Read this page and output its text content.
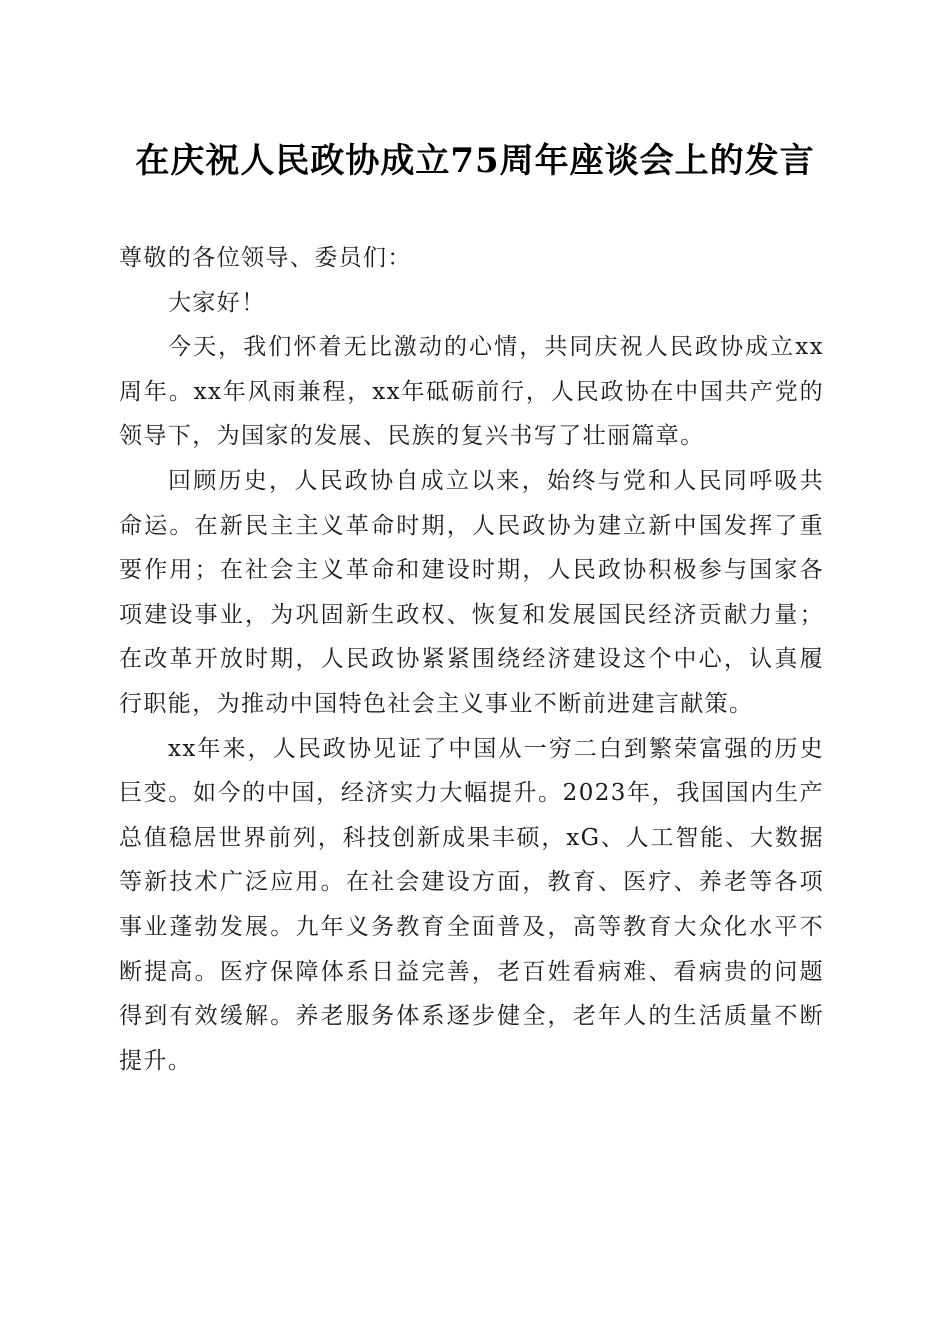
在庆祝人民政协成立75周年座谈会上的发言

尊敬的各位领导、委员们：

大家好！

今天，我们怀着无比激动的心情，共同庆祝人民政协成立xx周年。xx年风雨兼程，xx年砥砺前行，人民政协在中国共产党的领导下，为国家的发展、民族的复兴书写了壮丽篇章。

回顾历史，人民政协自成立以来，始终与党和人民同呼吸共命运。在新民主主义革命时期，人民政协为建立新中国发挥了重要作用；在社会主义革命和建设时期，人民政协积极参与国家各项建设事业，为巩固新生政权、恢复和发展国民经济贡献力量；在改革开放时期，人民政协紧紧围绕经济建设这个中心，认真履行职能，为推动中国特色社会主义事业不断前进建言献策。

xx年来，人民政协见证了中国从一穷二白到繁荣富强的历史巨变。如今的中国，经济实力大幅提升。2023年，我国国内生产总值稳居世界前列，科技创新成果丰硕，xG、人工智能、大数据等新技术广泛应用。在社会建设方面，教育、医疗、养老等各项事业蓬勃发展。九年义务教育全面普及，高等教育大众化水平不断提高。医疗保障体系日益完善，老百姓看病难、看病贵的问题得到有效缓解。养老服务体系逐步健全，老年人的生活质量不断提升。
